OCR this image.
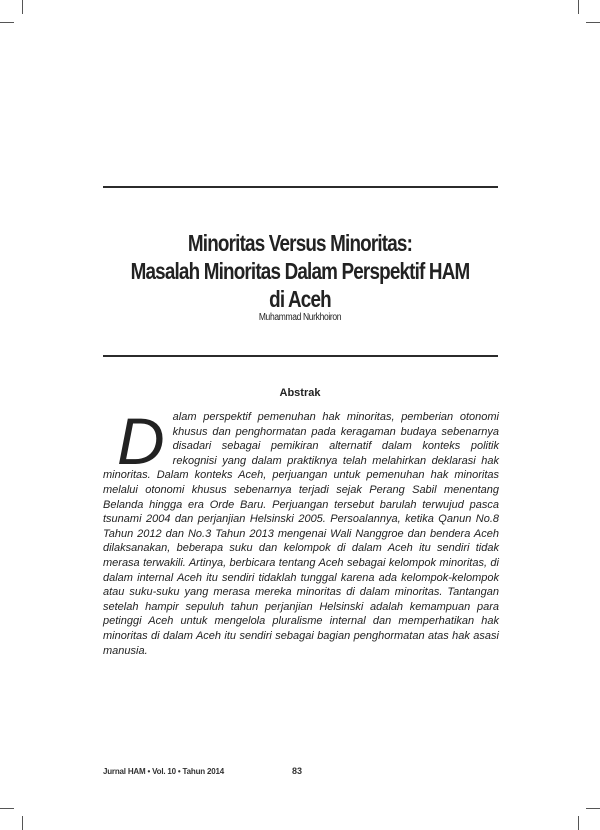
Minoritas Versus Minoritas:
Masalah Minoritas Dalam Perspektif HAM
di Aceh
Muhammad Nurkhoiron
Abstrak

Dalam perspektif pemenuhan hak minoritas, pemberian otonomi khusus dan penghormatan pada keragaman budaya sebenarnya disadari sebagai pemikiran alternatif dalam konteks politik rekognisi yang dalam praktiknya telah melahirkan deklarasi hak minoritas. Dalam konteks Aceh, perjuangan untuk pemenuhan hak minoritas melalui otonomi khusus sebenarnya terjadi sejak Perang Sabil menentang Belanda hingga era Orde Baru. Perjuangan tersebut barulah terwujud pasca tsunami 2004 dan perjanjian Helsinski 2005. Persoalannya, ketika Qanun No.8 Tahun 2012 dan No.3 Tahun 2013 mengenai Wali Nanggroe dan bendera Aceh dilaksanakan, beberapa suku dan kelompok di dalam Aceh itu sendiri tidak merasa terwakili. Artinya, berbicara tentang Aceh sebagai kelompok minoritas, di dalam internal Aceh itu sendiri tidaklah tunggal karena ada kelompok-kelompok atau suku-suku yang merasa mereka minoritas di dalam minoritas. Tantangan setelah hampir sepuluh tahun perjanjian Helsinski adalah kemampuan para petinggi Aceh untuk mengelola pluralisme internal dan memperhatikan hak minoritas di dalam Aceh itu sendiri sebagai bagian penghormatan atas hak asasi manusia.

Jurnal HAM • Vol. 10 • Tahun 2014	83
